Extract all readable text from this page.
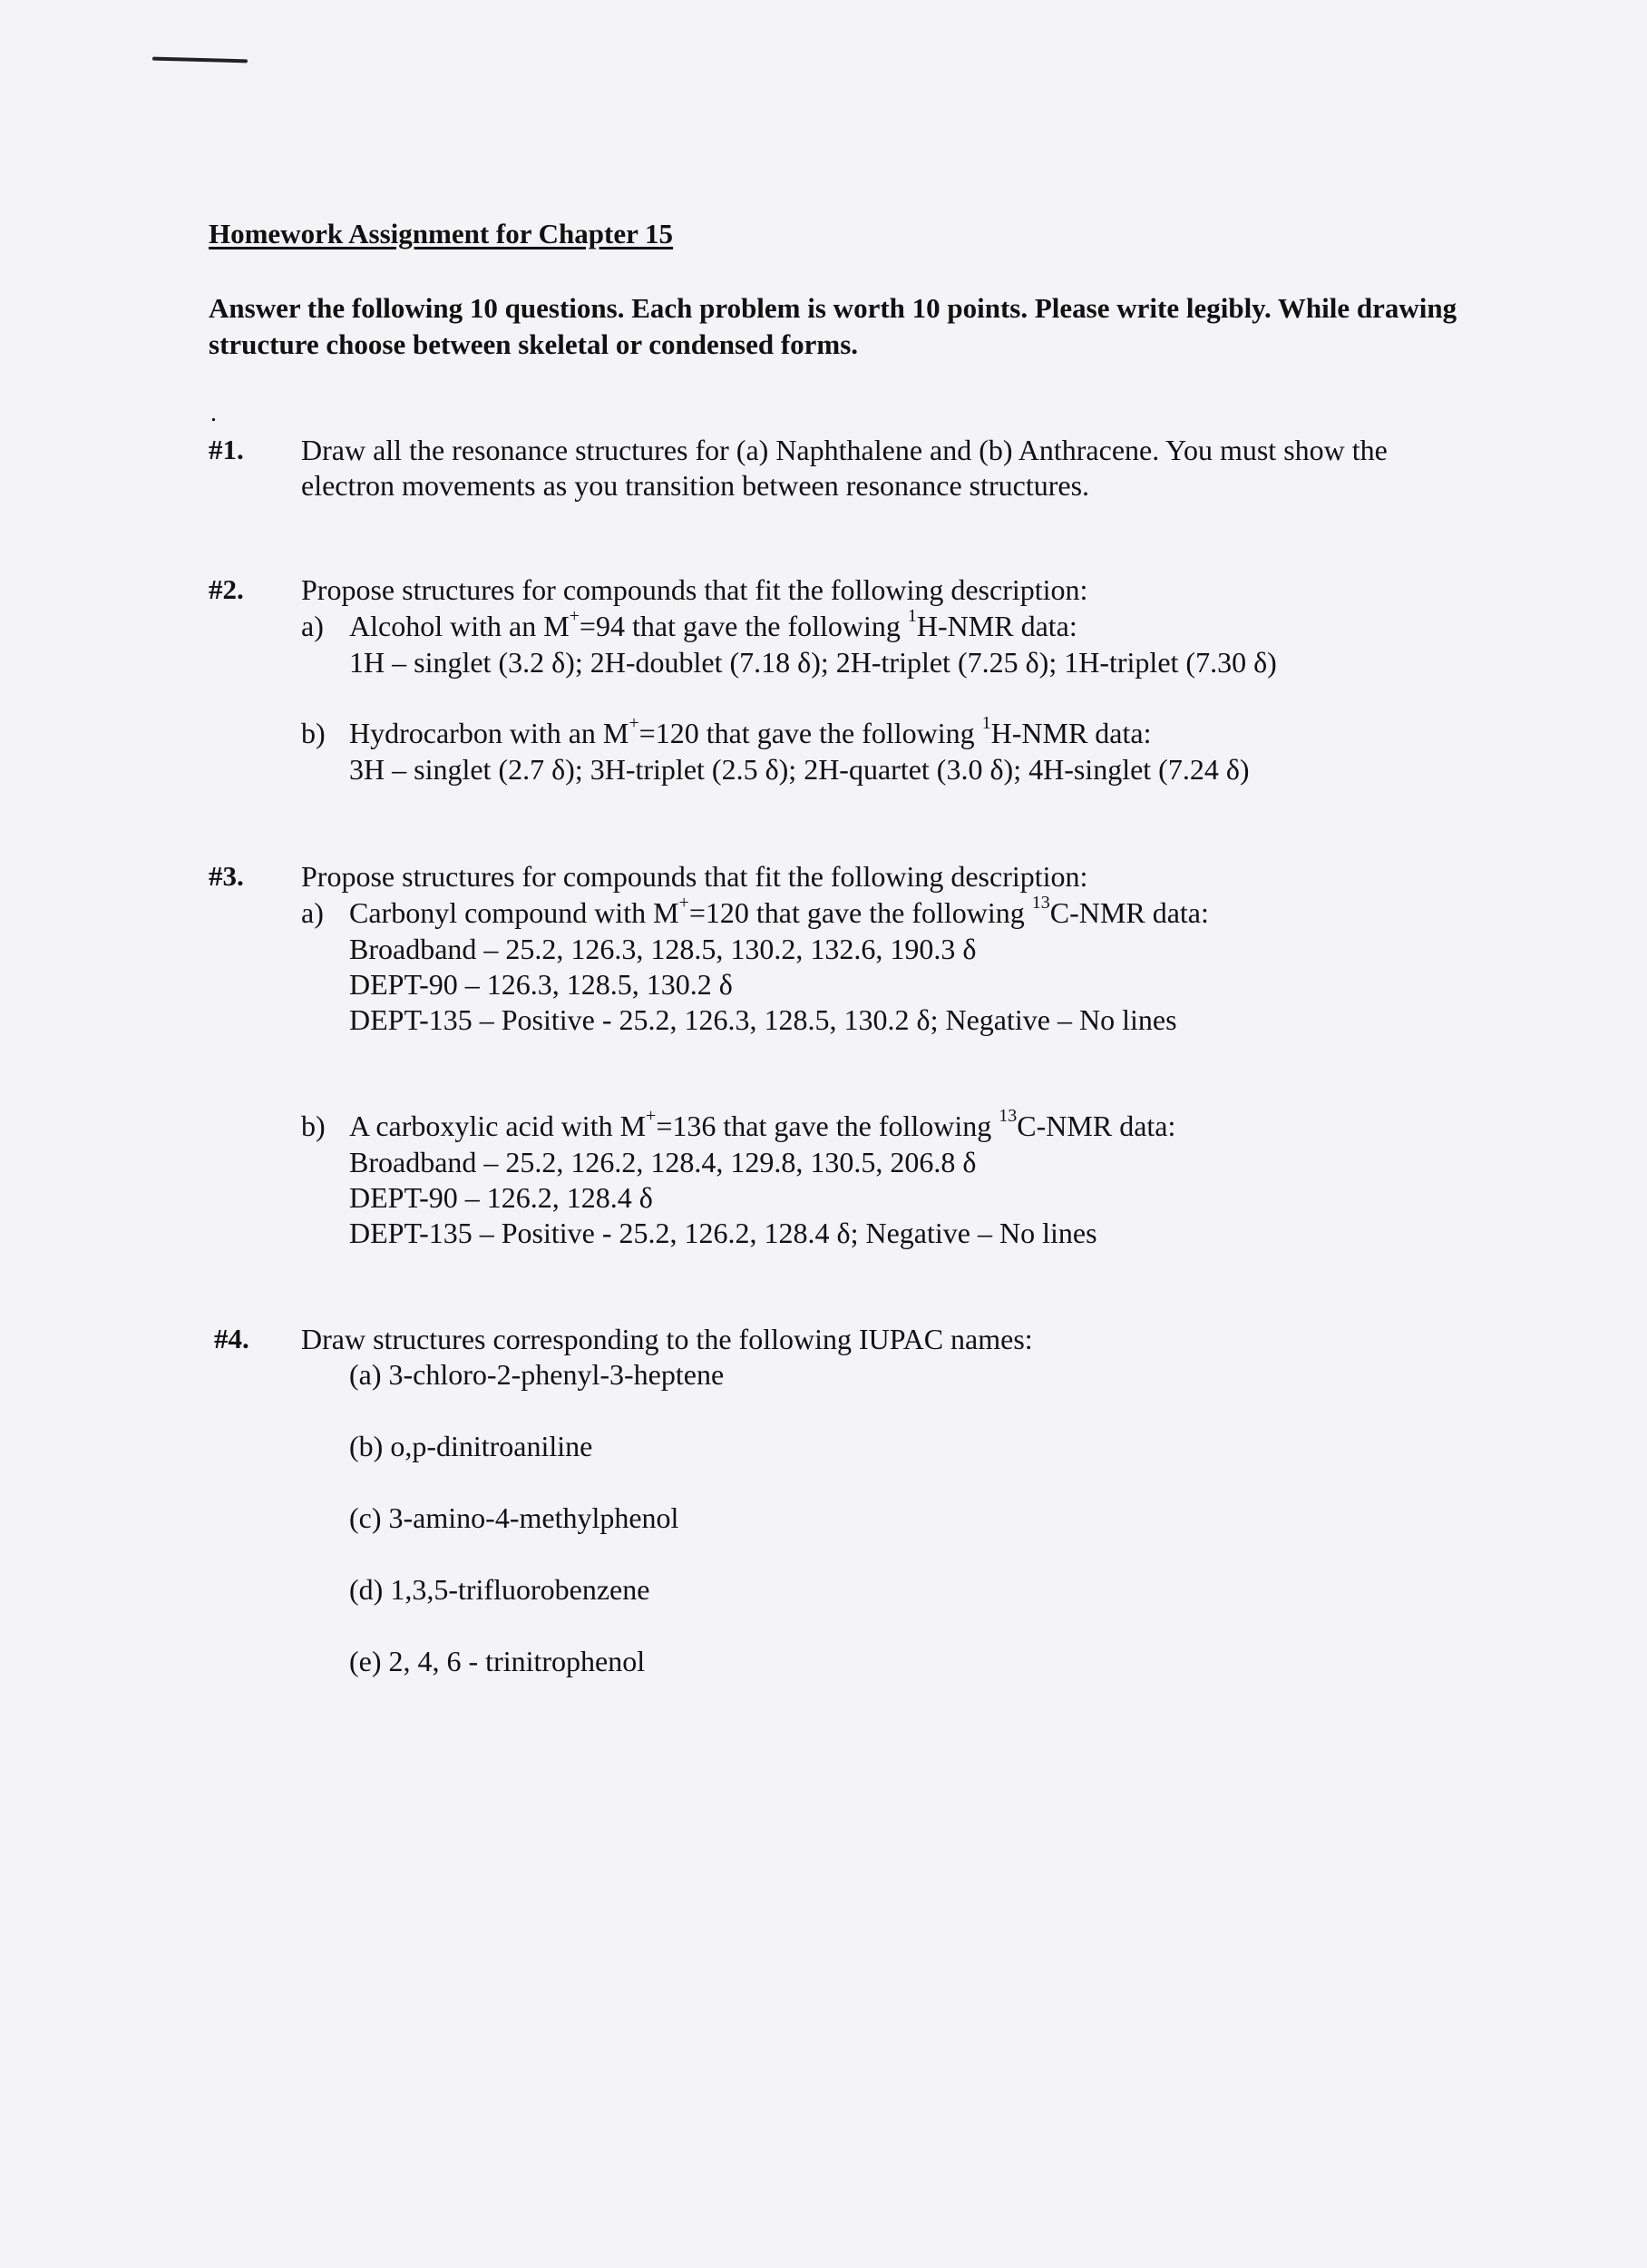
Homework Assignment for Chapter 15
Answer the following 10 questions. Each problem is worth 10 points. Please write legibly. While drawing structure choose between skeletal or condensed forms.
.
#1. Draw all the resonance structures for (a) Naphthalene and (b) Anthracene. You must show the
electron movements as you transition between resonance structures.
#2. Propose structures for compounds that fit the following description:
a) Alcohol with an M+=94 that gave the following $^1$H-NMR data:
1H – singlet (3.2 δ); 2H-doublet (7.18 δ); 2H-triplet (7.25 δ); 1H-triplet (7.30 δ)
b) Hydrocarbon with an M+=120 that gave the following $^1$H-NMR data:
3H – singlet (2.7 δ); 3H-triplet (2.5 δ); 2H-quartet (3.0 δ); 4H-singlet (7.24 δ)
#3. Propose structures for compounds that fit the following description:
a) Carbonyl compound with M+=120 that gave the following $^{13}$C-NMR data:
Broadband – 25.2, 126.3, 128.5, 130.2, 132.6, 190.3 δ
DEPT-90 – 126.3, 128.5, 130.2 δ
DEPT-135 – Positive - 25.2, 126.3, 128.5, 130.2 δ; Negative – No lines
b) A carboxylic acid with M+=136 that gave the following $^{13}$C-NMR data:
Broadband – 25.2, 126.2, 128.4, 129.8, 130.5, 206.8 δ
DEPT-90 – 126.2, 128.4 δ
DEPT-135 – Positive - 25.2, 126.2, 128.4 δ; Negative – No lines
#4. Draw structures corresponding to the following IUPAC names:
(a) 3-chloro-2-phenyl-3-heptene
(b) o,p-dinitroaniline
(c) 3-amino-4-methylphenol
(d) 1,3,5-trifluorobenzene
(e) 2, 4, 6 - trinitrophenol
